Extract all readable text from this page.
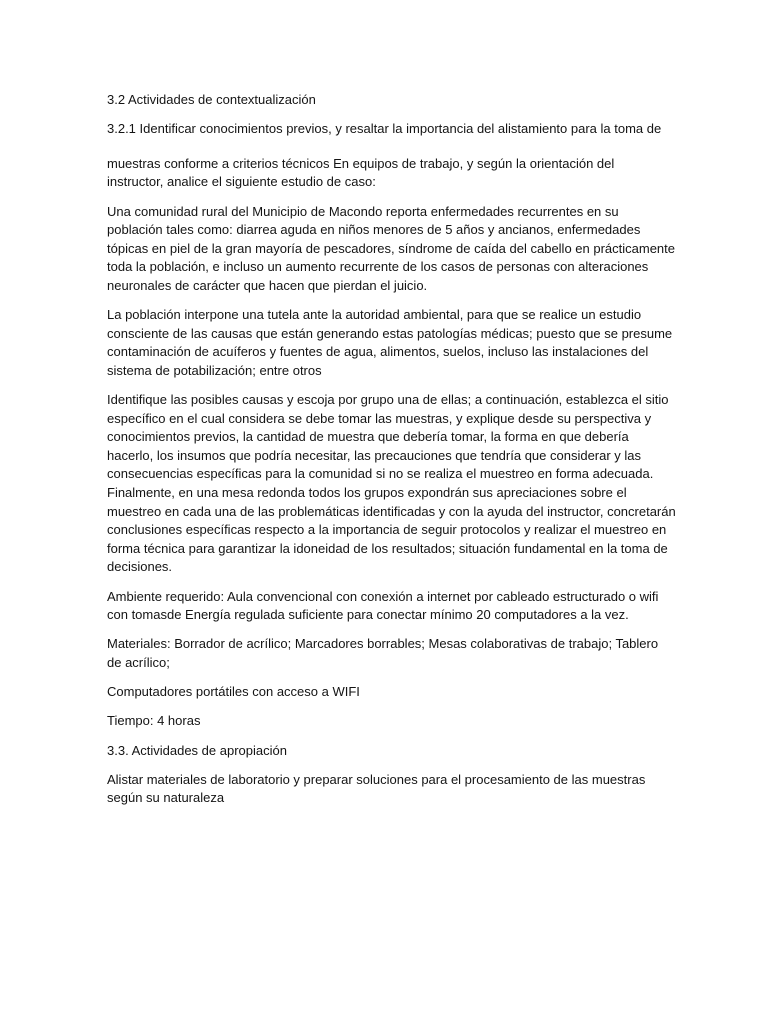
3.2 Actividades de contextualización

3.2.1 Identificar conocimientos previos, y resaltar la importancia del alistamiento para la toma de

muestras conforme a criterios técnicos En equipos de trabajo, y según la orientación del
instructor, analice el siguiente estudio de caso:

Una comunidad rural del Municipio de Macondo reporta enfermedades recurrentes en su
población tales como: diarrea aguda en niños menores de 5 años y ancianos, enfermedades
tópicas en piel de la gran mayoría de pescadores, síndrome de caída del cabello en prácticamente
toda la población, e incluso un aumento recurrente de los casos de personas con alteraciones
neuronales de carácter que hacen que pierdan el juicio.

La población interpone una tutela ante la autoridad ambiental, para que se realice un estudio
consciente de las causas que están generando estas patologías médicas; puesto que se presume
contaminación de acuíferos y fuentes de agua, alimentos, suelos, incluso las instalaciones del
sistema de potabilización; entre otros

Identifique las posibles causas y escoja por grupo una de ellas; a continuación, establezca el sitio
específico en el cual considera se debe tomar las muestras, y explique desde su perspectiva y
conocimientos previos, la cantidad de muestra que debería tomar, la forma en que debería
hacerlo, los insumos que podría necesitar, las precauciones que tendría que considerar y las
consecuencias específicas para la comunidad si no se realiza el muestreo en forma adecuada.
Finalmente, en una mesa redonda todos los grupos expondrán sus apreciaciones sobre el
muestreo en cada una de las problemáticas identificadas y con la ayuda del instructor, concretarán
conclusiones específicas respecto a la importancia de seguir protocolos y realizar el muestreo en
forma técnica para garantizar la idoneidad de los resultados; situación fundamental en la toma de
decisiones.

Ambiente requerido: Aula convencional con conexión a internet por cableado estructurado o wifi
con tomasde Energía regulada suficiente para conectar mínimo 20 computadores a la vez.

Materiales: Borrador de acrílico; Marcadores borrables; Mesas colaborativas de trabajo; Tablero
de acrílico;

Computadores portátiles con acceso a WIFI

Tiempo: 4 horas

3.3. Actividades de apropiación

Alistar materiales de laboratorio y preparar soluciones para el procesamiento de las muestras
según su naturaleza
